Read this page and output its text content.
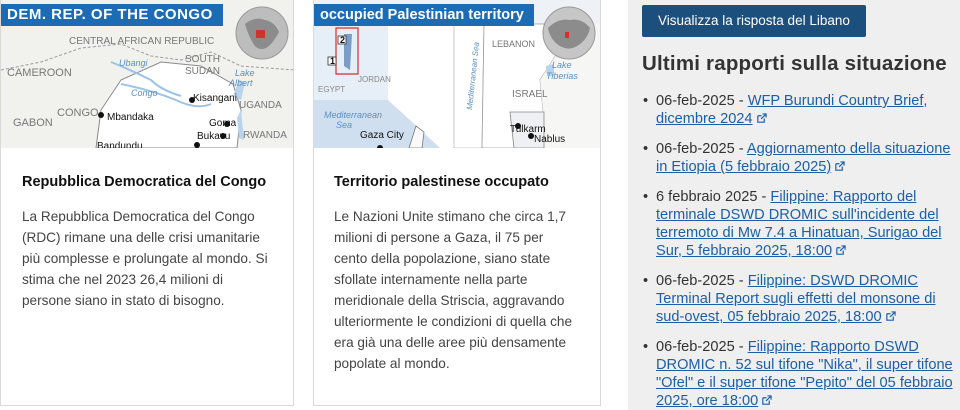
CENTRAL AFRICAN REPUBLIC
SOUTH
SUDAN
CAMEROON
Ubangi
Lake
Albert
Congo	Kisangani
UGANDA
GABON
CONGO Mbandaka
Goma
RWANDA
Bukavu
Bandundu
DEM. REP. OF THE CONGO
Repubblica Democratica del Congo
La Repubblica Democratica del Congo (RDC) rimane una delle crisi umanitarie più complesse e prolungate al mondo. Si stima che nel 2023 26,4 milioni di persone siano in stato di bisogno.
2
1
JORDAN
EGYPT
LEBANON
Lake
Tiberias
ISRAEL
Mediterranean
Sea
Mediterranean Sea
Gaza City
Tulkarm
Nablus
occupied Palestinian territory
Territorio palestinese occupato
Le Nazioni Unite stimano che circa 1,7 milioni di persone a Gaza, il 75 per cento della popolazione, siano state sfollate internamente nella parte meridionale della Striscia, aggravando ulteriormente le condizioni di quella che era già una delle aree più densamente popolate al mondo.
Visualizza la risposta del Libano
Ultimi rapporti sulla situazione
• 06-feb-2025 - WFP Burundi Country Brief, dicembre 2024
• 06-feb-2025 - Aggiornamento della situazione in Etiopia (5 febbraio 2025)
• 6 febbraio 2025 - Filippine: Rapporto del terminale DSWD DROMIC sull'incidente del terremoto di Mw 7.4 a Hinatuan, Surigao del Sur, 5 febbraio 2025, 18:00
• 06-feb-2025 - Filippine: DSWD DROMIC Terminal Report sugli effetti del monsone di sud-ovest, 05 febbraio 2025, 18:00
• 06-feb-2025 - Filippine: Rapporto DSWD DROMIC n. 52 sul tifone "Nika", il super tifone "Ofel" e il super tifone "Pepito" del 05 febbraio 2025, ore 18:00
